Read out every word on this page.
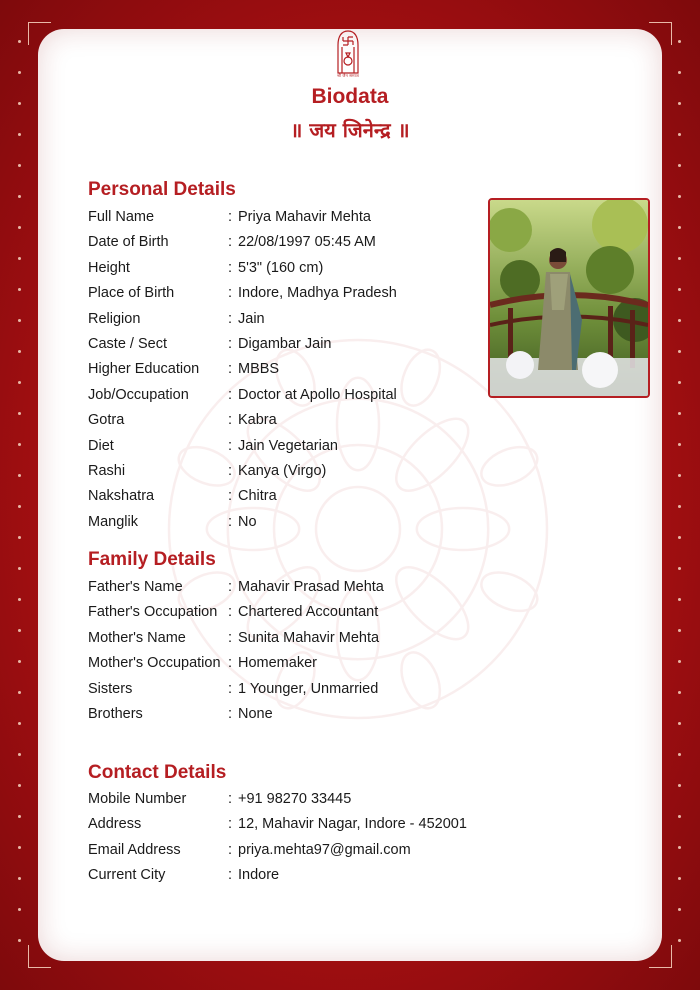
श्री जैन समाज
Biodata
॥ जय जिनेन्द्र ॥
Personal Details
Full Name	: Priya Mahavir Mehta
Date of Birth	: 22/08/1997 05:45 AM
Height	: 5'3" (160 cm)
Place of Birth	: Indore, Madhya Pradesh
Religion	: Jain
Caste / Sect	: Digambar Jain
Higher Education	: MBBS
Job/Occupation	: Doctor at Apollo Hospital
Gotra	: Kabra
Diet	: Jain Vegetarian
Rashi	: Kanya (Virgo)
Nakshatra	: Chitra
Manglik	: No
Family Details
Father's Name	: Mahavir Prasad Mehta
Father's Occupation : Chartered Accountant
Mother's Name	: Sunita Mahavir Mehta
Mother's Occupation : Homemaker
Sisters	: 1 Younger, Unmarried
Brothers	: None
Contact Details
Mobile Number	: +91 98270 33445
Address	: 12, Mahavir Nagar, Indore - 452001
Email Address	: priya.mehta97@gmail.com
Current City	: Indore
